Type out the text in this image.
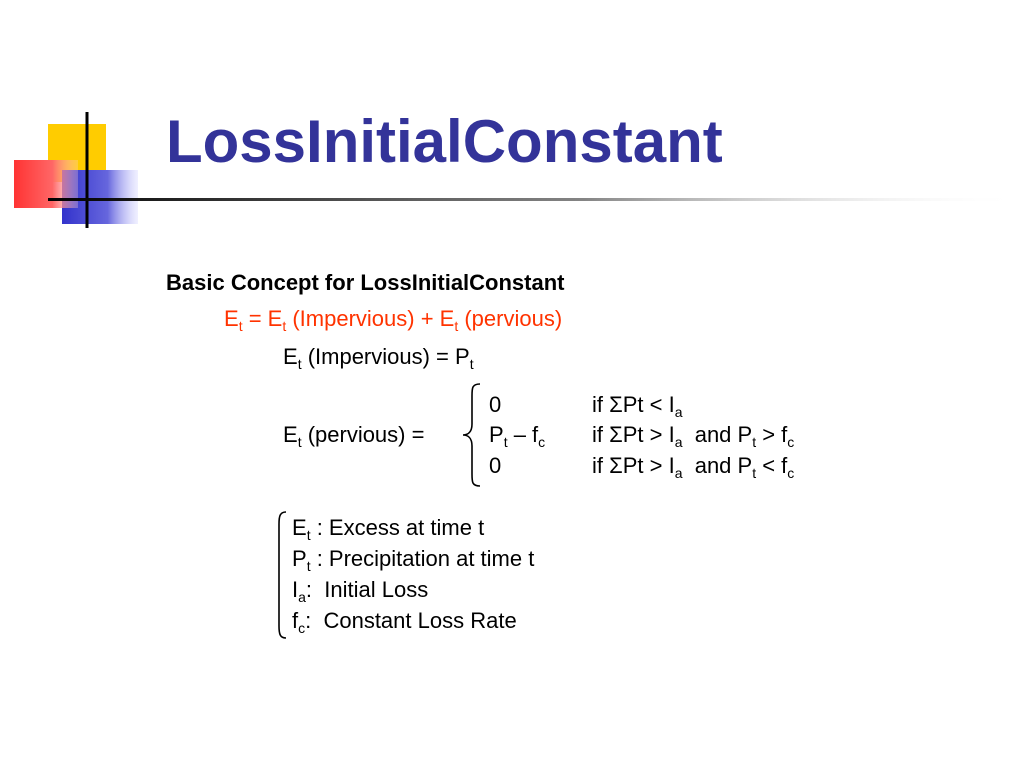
LossInitialConstant
Basic Concept for LossInitialConstant
$E_t = E_t$ (Impervious) + $E_t$ (pervious)
$E_t$ (Impervious) = $P_t$
$E_t$ (pervious) =
0	if $\Sigma Pt < I_a$
$P_t - f_c$ if $\Sigma Pt > I_a$  and $P_t > f_c$
0	if $\Sigma Pt > I_a$  and $P_t < f_c$
$E_t$ : Excess at time t
$P_t$ : Precipitation at time t
$I_a$:  Initial Loss
$f_c$:  Constant Loss Rate
